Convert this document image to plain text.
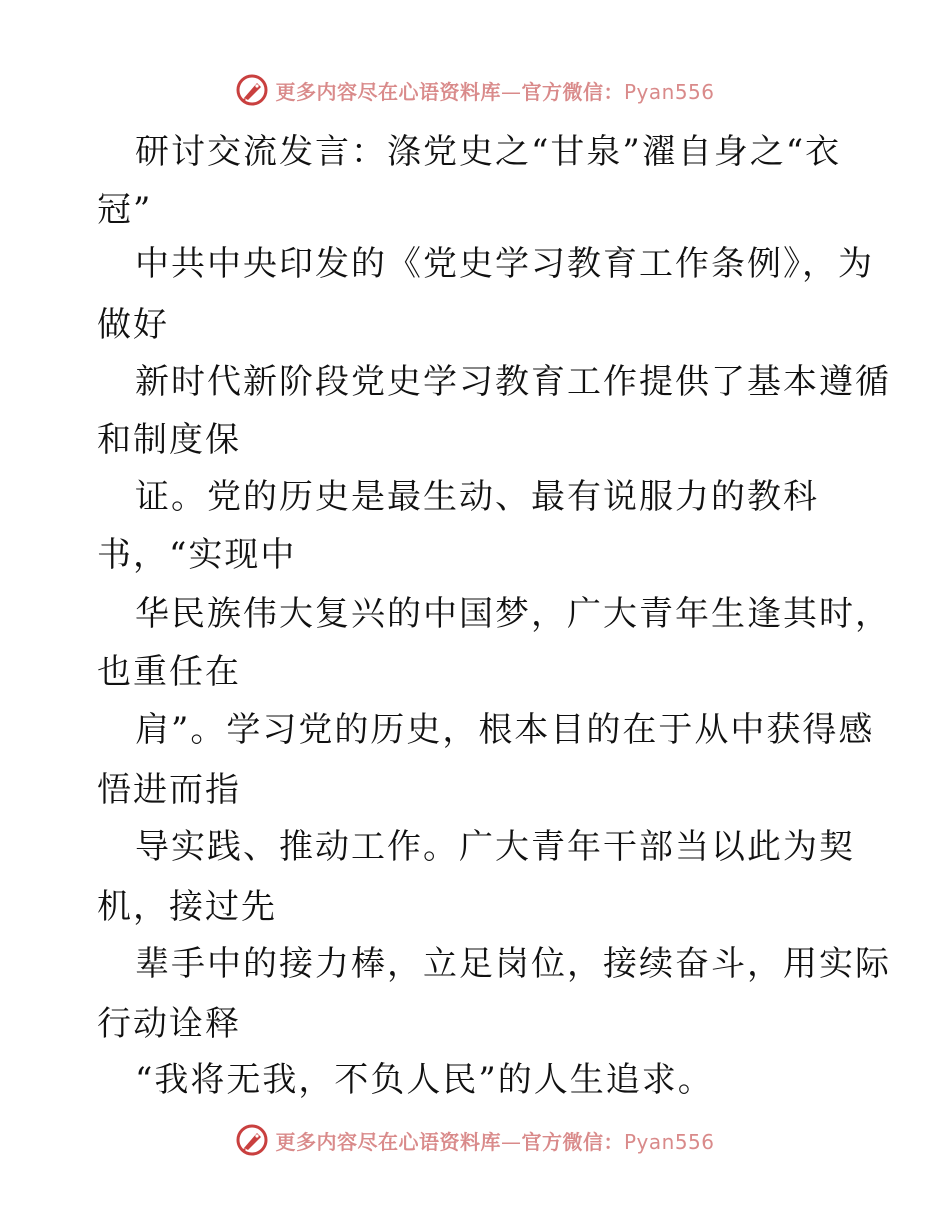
更多内容尽在心语资料库—官方微信：Pyan556
研讨交流发言：涤党史之“甘泉”濯自身之“衣
冠”
中共中央印发的《党史学习教育工作条例》，为
做好
新时代新阶段党史学习教育工作提供了基本遵循
和制度保
证。党的历史是最生动、最有说服力的教科
书，“实现中
华民族伟大复兴的中国梦，广大青年生逢其时，
也重任在
肩”。学习党的历史，根本目的在于从中获得感
悟进而指
导实践、推动工作。广大青年干部当以此为契
机，接过先
辈手中的接力棒，立足岗位，接续奋斗，用实际
行动诠释
“我将无我，不负人民”的人生追求。
更多内容尽在心语资料库—官方微信：Pyan556
